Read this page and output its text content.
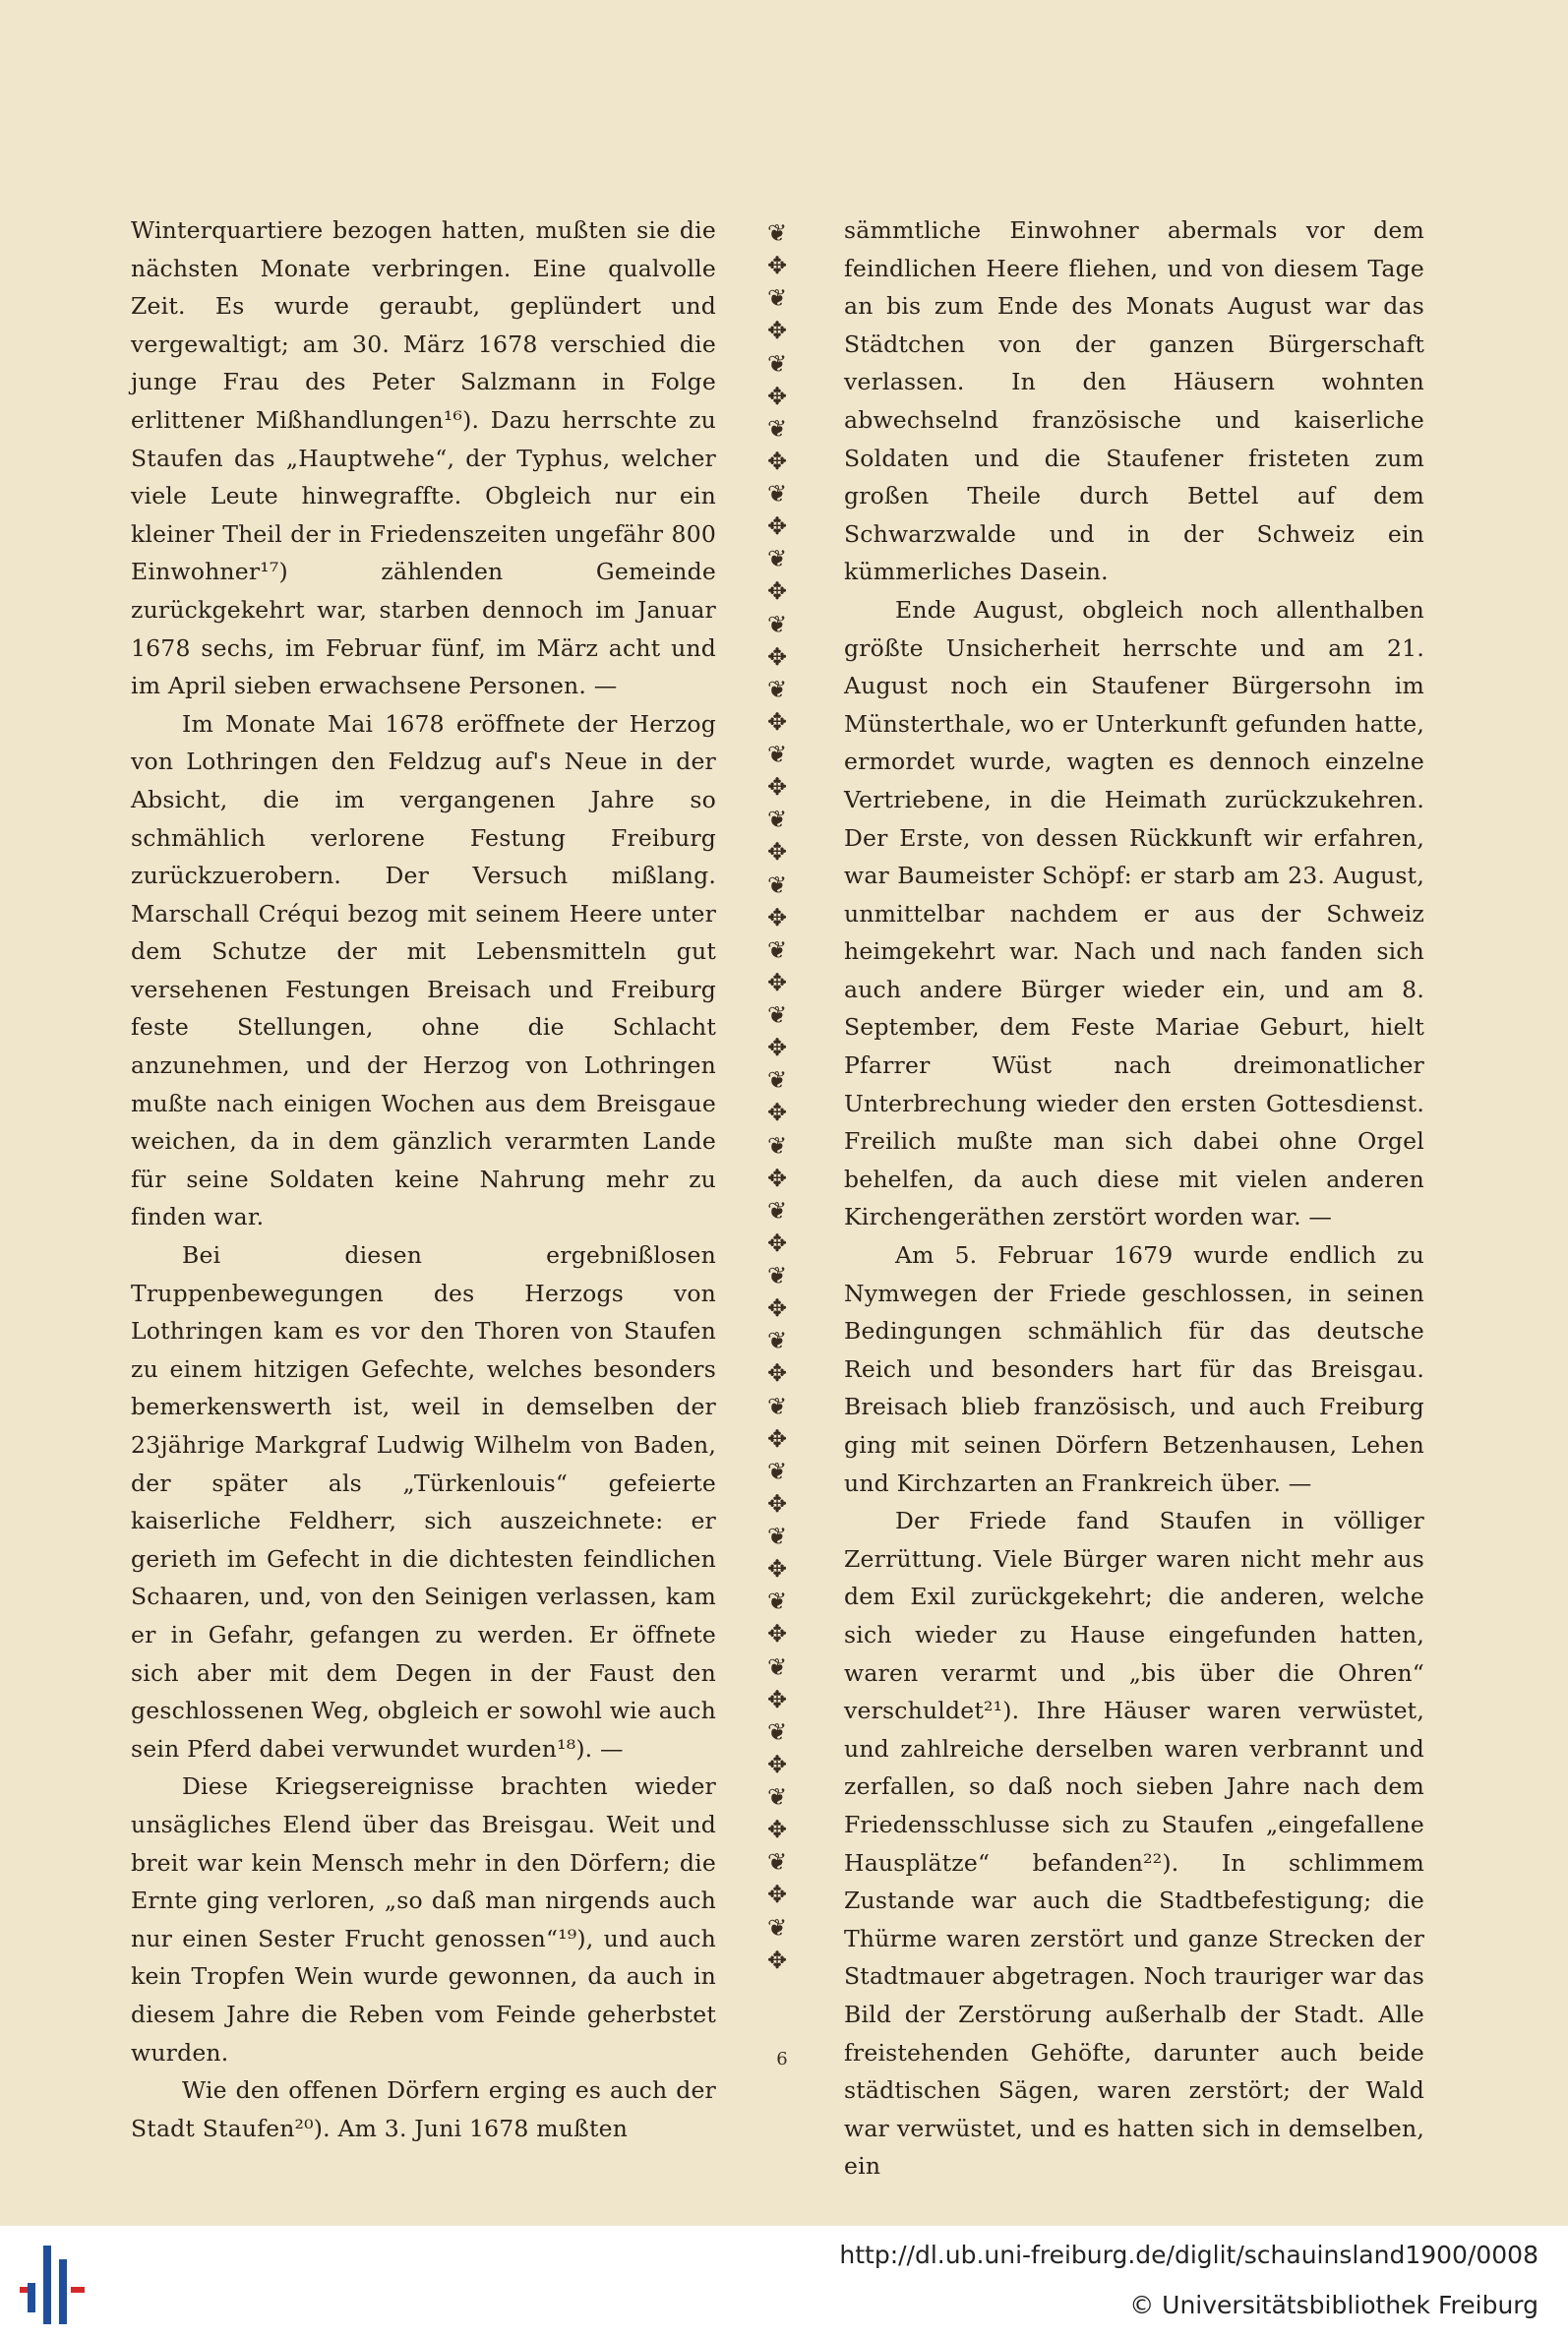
Winterquartiere bezogen hatten, mußten sie die nächsten Monate verbringen. Eine qualvolle Zeit. Es wurde geraubt, geplündert und vergewaltigt; am 30. März 1678 verschied die junge Frau des Peter Salzmann in Folge erlittener Mißhandlungen¹⁶). Dazu herrschte zu Staufen das „Hauptwehe“, der Typhus, welcher viele Leute hinwegraffte. Obgleich nur ein kleiner Theil der in Friedenszeiten ungefähr 800 Einwohner¹⁷) zählenden Gemeinde zurückgekehrt war, starben dennoch im Januar 1678 sechs, im Februar fünf, im März acht und im April sieben erwachsene Personen. —

Im Monate Mai 1678 eröffnete der Herzog von Lothringen den Feldzug auf's Neue in der Absicht, die im vergangenen Jahre so schmählich verlorene Festung Freiburg zurückzuerobern. Der Versuch mißlang. Marschall Créqui bezog mit seinem Heere unter dem Schutze der mit Lebensmitteln gut versehenen Festungen Breisach und Freiburg feste Stellungen, ohne die Schlacht anzunehmen, und der Herzog von Lothringen mußte nach einigen Wochen aus dem Breisgaue weichen, da in dem gänzlich verarmten Lande für seine Soldaten keine Nahrung mehr zu finden war.

Bei diesen ergebnißlosen Truppenbewegungen des Herzogs von Lothringen kam es vor den Thoren von Staufen zu einem hitzigen Gefechte, welches besonders bemerkenswerth ist, weil in demselben der 23jährige Markgraf Ludwig Wilhelm von Baden, der später als „Türkenlouis“ gefeierte kaiserliche Feldherr, sich auszeichnete: er gerieth im Gefecht in die dichtesten feindlichen Schaaren, und, von den Seinigen verlassen, kam er in Gefahr, gefangen zu werden. Er öffnete sich aber mit dem Degen in der Faust den geschlossenen Weg, obgleich er sowohl wie auch sein Pferd dabei verwundet wurden¹⁸). —

Diese Kriegsereignisse brachten wieder unsägliches Elend über das Breisgau. Weit und breit war kein Mensch mehr in den Dörfern; die Ernte ging verloren, „so daß man nirgends auch nur einen Sester Frucht genossen“¹⁹), und auch kein Tropfen Wein wurde gewonnen, da auch in diesem Jahre die Reben vom Feinde geherbstet wurden.

Wie den offenen Dörfern erging es auch der Stadt Staufen²⁰). Am 3. Juni 1678 mußten

❦
✥
❦
✥
❦
✥
❦
✥
❦
✥
❦
✥
❦
✥
❦
✥
❦
✥
❦
✥
❦
✥
❦
✥
❦
✥
❦
✥
❦
✥
❦
✥
❦
✥
❦
✥
❦
✥
❦
✥
❦
✥
❦
✥
❦
✥
❦
✥
❦
✥
❦
✥
❦
✥

sämmtliche Einwohner abermals vor dem feindlichen Heere fliehen, und von diesem Tage an bis zum Ende des Monats August war das Städtchen von der ganzen Bürgerschaft verlassen. In den Häusern wohnten abwechselnd französische und kaiserliche Soldaten und die Staufener fristeten zum großen Theile durch Bettel auf dem Schwarzwalde und in der Schweiz ein kümmerliches Dasein.

Ende August, obgleich noch allenthalben größte Unsicherheit herrschte und am 21. August noch ein Staufener Bürgersohn im Münsterthale, wo er Unterkunft gefunden hatte, ermordet wurde, wagten es dennoch einzelne Vertriebene, in die Heimath zurückzukehren. Der Erste, von dessen Rückkunft wir erfahren, war Baumeister Schöpf: er starb am 23. August, unmittelbar nachdem er aus der Schweiz heimgekehrt war. Nach und nach fanden sich auch andere Bürger wieder ein, und am 8. September, dem Feste Mariae Geburt, hielt Pfarrer Wüst nach dreimonatlicher Unterbrechung wieder den ersten Gottesdienst. Freilich mußte man sich dabei ohne Orgel behelfen, da auch diese mit vielen anderen Kirchengeräthen zerstört worden war. —

Am 5. Februar 1679 wurde endlich zu Nymwegen der Friede geschlossen, in seinen Bedingungen schmählich für das deutsche Reich und besonders hart für das Breisgau. Breisach blieb französisch, und auch Freiburg ging mit seinen Dörfern Betzenhausen, Lehen und Kirchzarten an Frankreich über. —

Der Friede fand Staufen in völliger Zerrüttung. Viele Bürger waren nicht mehr aus dem Exil zurückgekehrt; die anderen, welche sich wieder zu Hause eingefunden hatten, waren verarmt und „bis über die Ohren“ verschuldet²¹). Ihre Häuser waren verwüstet, und zahlreiche derselben waren verbrannt und zerfallen, so daß noch sieben Jahre nach dem Friedensschlusse sich zu Staufen „eingefallene Hausplätze“ befanden²²). In schlimmem Zustande war auch die Stadtbefestigung; die Thürme waren zerstört und ganze Strecken der Stadtmauer abgetragen. Noch trauriger war das Bild der Zerstörung außerhalb der Stadt. Alle freistehenden Gehöfte, darunter auch beide städtischen Sägen, waren zerstört; der Wald war verwüstet, und es hatten sich in demselben, ein

6
http://dl.ub.uni-freiburg.de/diglit/schauinsland1900/0008
© Universitätsbibliothek Freiburg
